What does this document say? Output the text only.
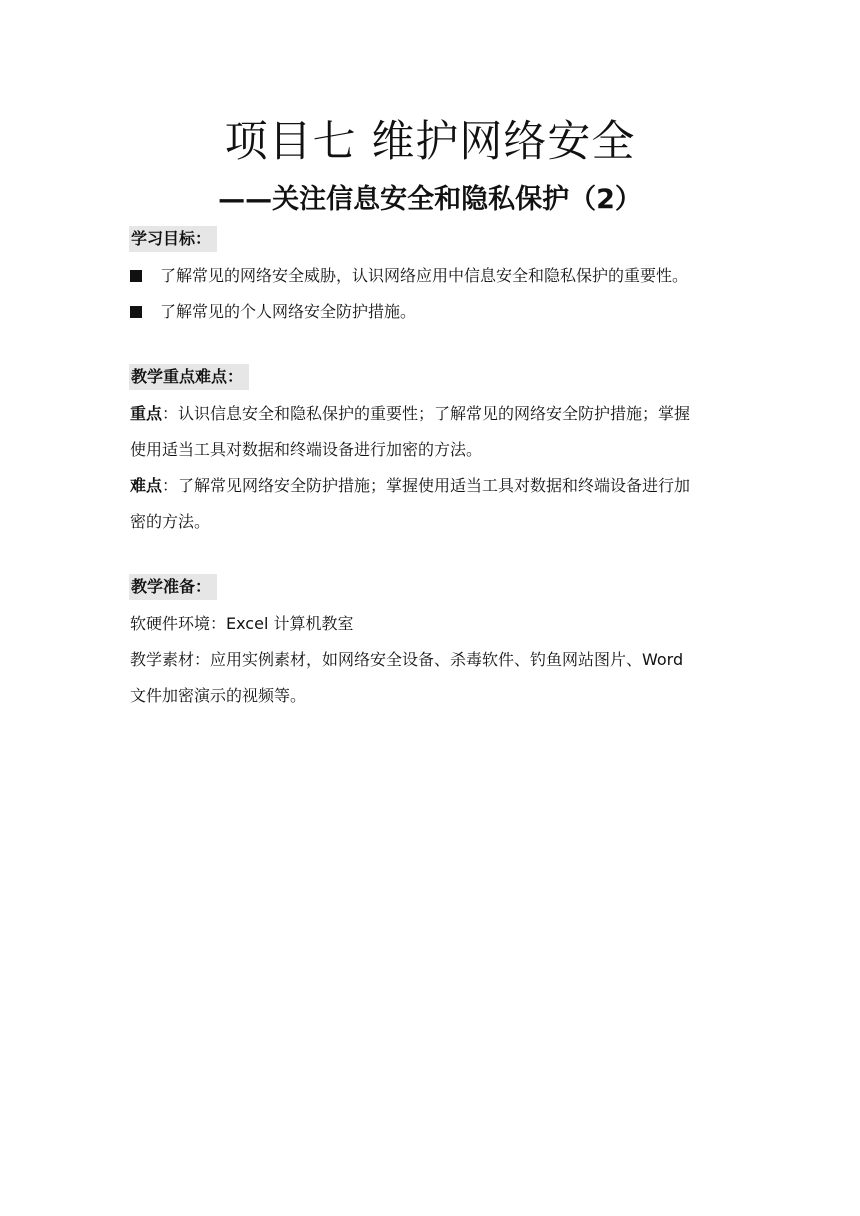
项目七 维护网络安全
——关注信息安全和隐私保护（2）
学习目标：
了解常见的网络安全威胁，认识网络应用中信息安全和隐私保护的重要性。
了解常见的个人网络安全防护措施。
教学重点难点：
重点：认识信息安全和隐私保护的重要性；了解常见的网络安全防护措施；掌握
使用适当工具对数据和终端设备进行加密的方法。
难点：了解常见网络安全防护措施；掌握使用适当工具对数据和终端设备进行加
密的方法。
教学准备：
软硬件环境：Excel 计算机教室
教学素材：应用实例素材，如网络安全设备、杀毒软件、钓鱼网站图片、Word
文件加密演示的视频等。
